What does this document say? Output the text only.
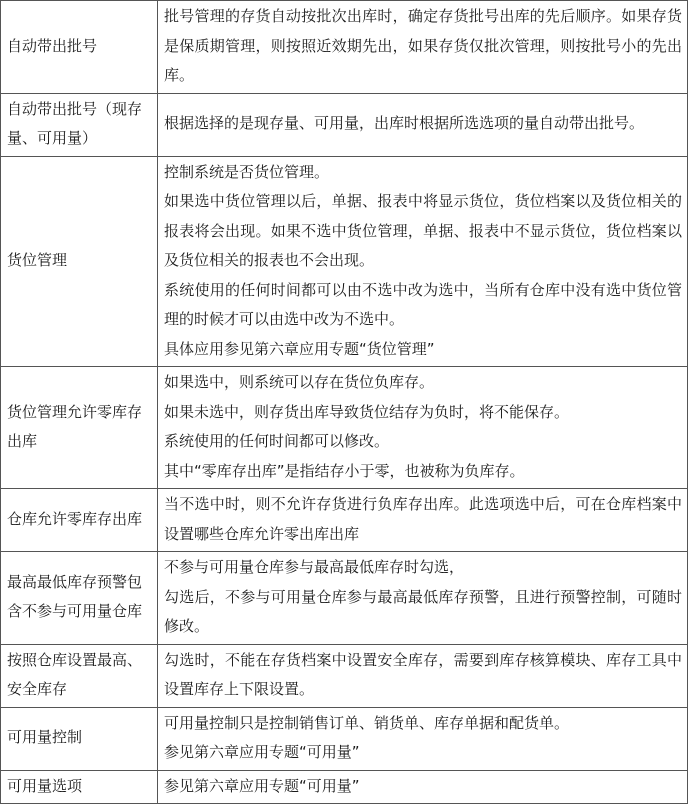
自动带出批号	批号管理的存货自动按批次出库时，确定存货批号出库的先后顺序。如果存货是保质期管理，则按照近效期先出，如果存货仅批次管理，则按批号小的先出库。

自动带出批号（现存量、可用量）	根据选择的是现存量、可用量，出库时根据所选选项的量自动带出批号。

货位管理	控制系统是否货位管理。
如果选中货位管理以后，单据、报表中将显示货位，货位档案以及货位相关的报表将会出现。如果不选中货位管理，单据、报表中不显示货位，货位档案以及货位相关的报表也不会出现。
系统使用的任何时间都可以由不选中改为选中，当所有仓库中没有选中货位管理的时候才可以由选中改为不选中。
具体应用参见第六章应用专题“货位管理”

货位管理允许零库存出库	如果选中，则系统可以存在货位负库存。
如果未选中，则存货出库导致货位结存为负时，将不能保存。
系统使用的任何时间都可以修改。
其中“零库存出库”是指结存小于零，也被称为负库存。

仓库允许零库存出库	当不选中时，则不允许存货进行负库存出库。此选项选中后，可在仓库档案中设置哪些仓库允许零出库出库

最高最低库存预警包含不参与可用量仓库	不参与可用量仓库参与最高最低库存时勾选，
勾选后，不参与可用量仓库参与最高最低库存预警，且进行预警控制，可随时修改。

按照仓库设置最高、安全库存	勾选时，不能在存货档案中设置安全库存，需要到库存核算模块、库存工具中设置库存上下限设置。

可用量控制	可用量控制只是控制销售订单、销货单、库存单据和配货单。
参见第六章应用专题“可用量”

可用量选项	参见第六章应用专题“可用量”
